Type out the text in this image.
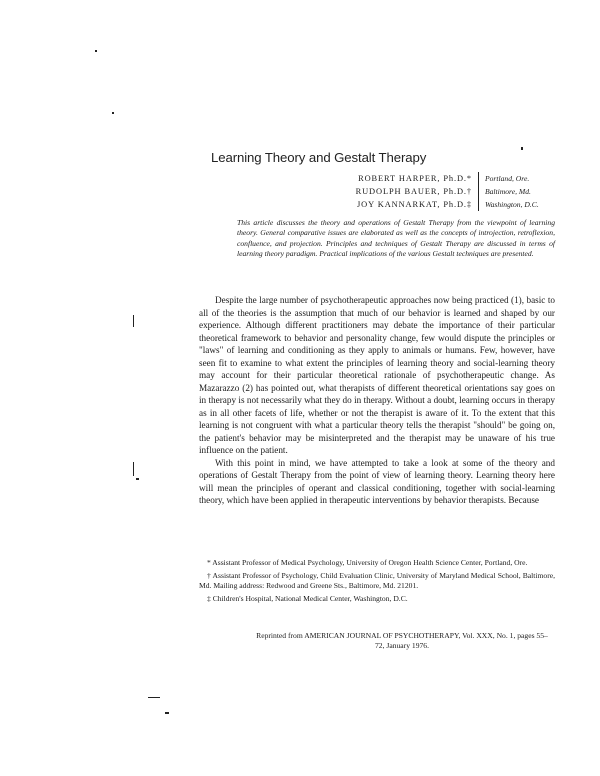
Learning Theory and Gestalt Therapy
ROBERT HARPER, Ph.D.*	Portland, Ore.
RUDOLPH BAUER, Ph.D.†	Baltimore, Md.
JOY KANNARKAT, Ph.D.‡	Washington, D.C.
This article discusses the theory and operations of Gestalt Therapy from the viewpoint of learning theory. General comparative issues are elaborated as well as the concepts of introjection, retroflexion, confluence, and projection. Principles and techniques of Gestalt Therapy are discussed in terms of learning theory paradigm. Practical implications of the various Gestalt techniques are presented.

Despite the large number of psychotherapeutic approaches now being practiced (1), basic to all of the theories is the assumption that much of our behavior is learned and shaped by our experience. Although different practitioners may debate the importance of their particular theoretical framework to behavior and personality change, few would dispute the principles or "laws" of learning and conditioning as they apply to animals or humans. Few, however, have seen fit to examine to what extent the principles of learning theory and social-learning theory may account for their particular theoretical rationale of psychotherapeutic change. As Mazarazzo (2) has pointed out, what therapists of different theoretical orientations say goes on in therapy is not necessarily what they do in therapy. Without a doubt, learning occurs in therapy as in all other facets of life, whether or not the therapist is aware of it. To the extent that this learning is not congruent with what a particular theory tells the therapist "should" be going on, the patient's behavior may be misinterpreted and the therapist may be unaware of his true influence on the patient.

With this point in mind, we have attempted to take a look at some of the theory and operations of Gestalt Therapy from the point of view of learning theory. Learning theory here will mean the principles of operant and classical conditioning, together with social-learning theory, which have been applied in therapeutic interventions by behavior therapists. Because

* Assistant Professor of Medical Psychology, University of Oregon Health Science Center, Portland, Ore.

† Assistant Professor of Psychology, Child Evaluation Clinic, University of Maryland Medical School, Baltimore, Md. Mailing address: Redwood and Greene Sts., Baltimore, Md. 21201.

‡ Children's Hospital, National Medical Center, Washington, D.C.

Reprinted from AMERICAN JOURNAL OF PSYCHOTHERAPY, Vol. XXX, No. 1, pages 55–72, January 1976.
